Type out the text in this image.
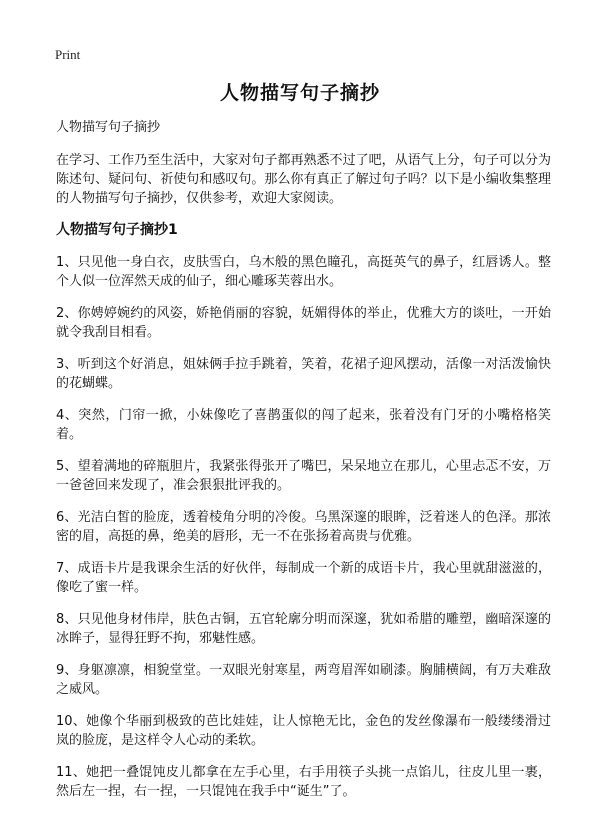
Print
人物描写句子摘抄
人物描写句子摘抄
在学习、工作乃至生活中，大家对句子都再熟悉不过了吧，从语气上分，句子可以分为陈述句、疑问句、祈使句和感叹句。那么你有真正了解过句子吗？以下是小编收集整理的人物描写句子摘抄，仅供参考，欢迎大家阅读。
人物描写句子摘抄1
1、只见他一身白衣，皮肤雪白，乌木般的黑色瞳孔，高挺英气的鼻子，红唇诱人。整个人似一位浑然天成的仙子，细心雕琢芙蓉出水。
2、你娉婷婉约的风姿，娇艳俏丽的容貌，妩媚得体的举止，优雅大方的谈吐，一开始就令我刮目相看。
3、听到这个好消息，姐妹俩手拉手跳着，笑着，花裙子迎风摆动，活像一对活泼愉快的花蝴蝶。
4、突然，门帘一掀，小妹像吃了喜鹊蛋似的闯了起来，张着没有门牙的小嘴格格笑着。
5、望着满地的碎瓶胆片，我紧张得张开了嘴巴，呆呆地立在那儿，心里忐忑不安，万一爸爸回来发现了，准会狠狠批评我的。
6、光洁白皙的脸庞，透着棱角分明的冷俊。乌黑深邃的眼眸，泛着迷人的色泽。那浓密的眉，高挺的鼻，绝美的唇形，无一不在张扬着高贵与优雅。
7、成语卡片是我课余生活的好伙伴，每制成一个新的成语卡片，我心里就甜滋滋的，像吃了蜜一样。
8、只见他身材伟岸，肤色古铜，五官轮廓分明而深邃，犹如希腊的雕塑，幽暗深邃的冰眸子，显得狂野不拘，邪魅性感。
9、身躯凛凛，相貌堂堂。一双眼光射寒星，两弯眉浑如刷漆。胸脯横阔，有万夫难敌之威风。
10、她像个华丽到极致的芭比娃娃，让人惊艳无比，金色的发丝像瀑布一般缕缕滑过岚的脸庞，是这样令人心动的柔软。
11、她把一叠馄饨皮儿都拿在左手心里，右手用筷子头挑一点馅儿，往皮儿里一裹，然后左一捏，右一捏，一只馄饨在我手中“诞生”了。
